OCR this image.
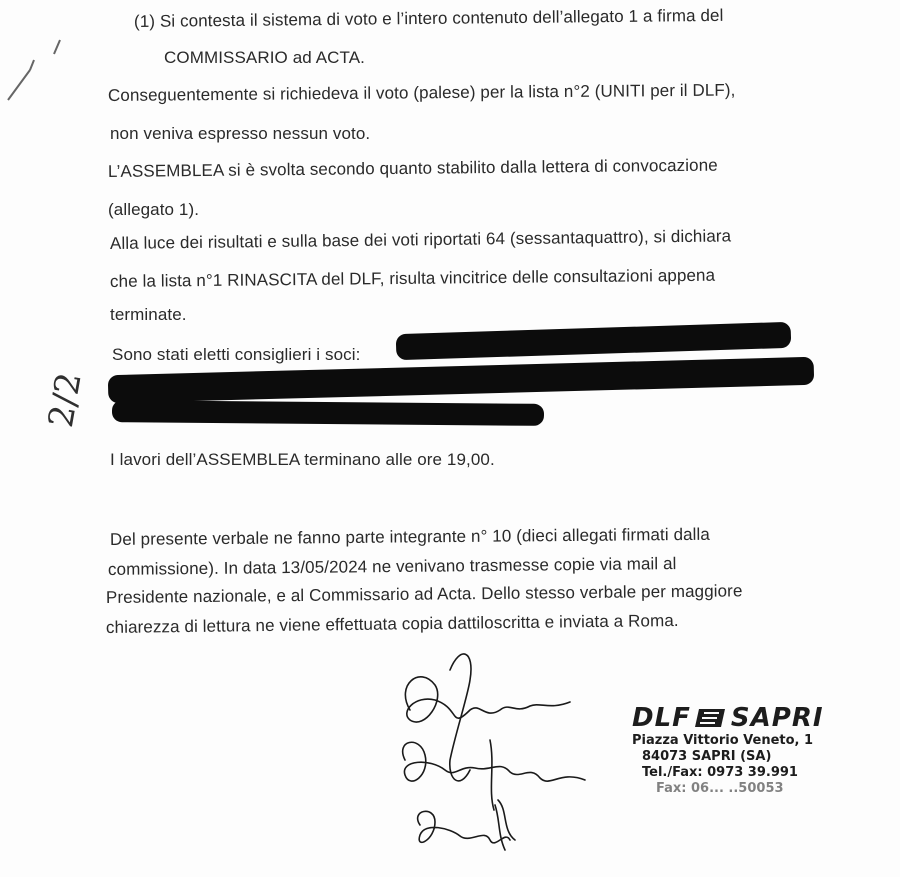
(1) Si contesta il sistema di voto e l’intero contenuto dell’allegato 1 a firma del
COMMISSARIO ad ACTA.
Conseguentemente si richiedeva il voto (palese) per la lista n°2 (UNITI per il DLF),
non veniva espresso nessun voto.
L’ASSEMBLEA si è svolta secondo quanto stabilito dalla lettera di convocazione
(allegato 1).
Alla luce dei risultati e sulla base dei voti riportati 64 (sessantaquattro), si dichiara
che la lista n°1 RINASCITA del DLF, risulta vincitrice delle consultazioni appena
terminate.
Sono stati eletti consiglieri i soci:
2/2
I lavori dell’ASSEMBLEA terminano alle ore 19,00.
Del presente verbale ne fanno parte integrante n° 10 (dieci allegati firmati dalla
commissione). In data 13/05/2024 ne venivano trasmesse copie via mail al
Presidente nazionale, e al Commissario ad Acta. Dello stesso verbale per maggiore
chiarezza di lettura ne viene effettuata copia dattiloscritta e inviata a Roma.
DLF SAPRI
Piazza Vittorio Veneto, 1
84073 SAPRI (SA)
Tel./Fax: 0973 39.991
Fax: 06... ..50053
